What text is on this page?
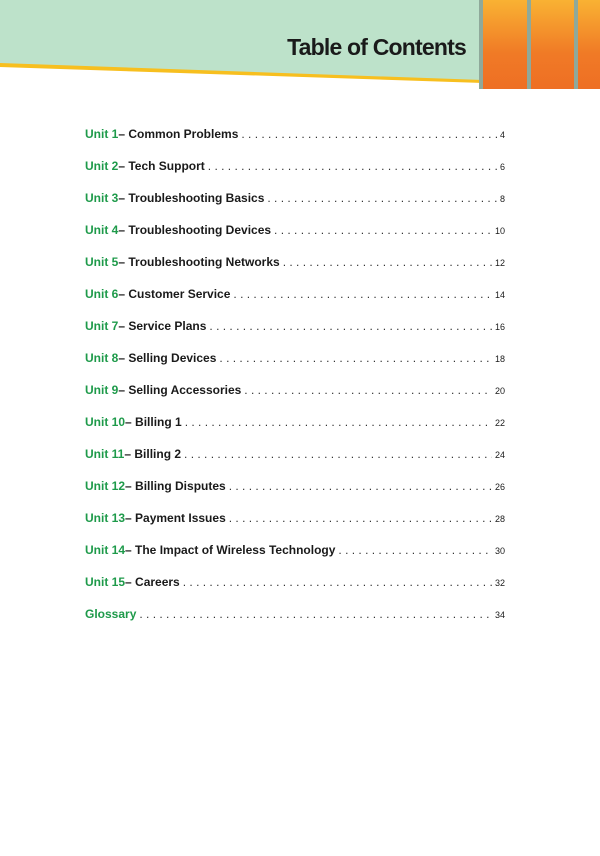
Table of Contents
Unit 1 – Common Problems . . .	4
Unit 2 – Tech Support . . .	6
Unit 3 – Troubleshooting Basics . . .	8
Unit 4 – Troubleshooting Devices . . .	10
Unit 5 – Troubleshooting Networks . . .	12
Unit 6 – Customer Service . . .	14
Unit 7 – Service Plans . . .	16
Unit 8 – Selling Devices . . .	18
Unit 9 – Selling Accessories . . .	20
Unit 10 – Billing 1 . . .	22
Unit 11 – Billing 2 . . .	24
Unit 12 – Billing Disputes . . .	26
Unit 13 – Payment Issues . . .	28
Unit 14 – The Impact of Wireless Technology . . .	30
Unit 15 – Careers . . .	32
Glossary . . .	34
